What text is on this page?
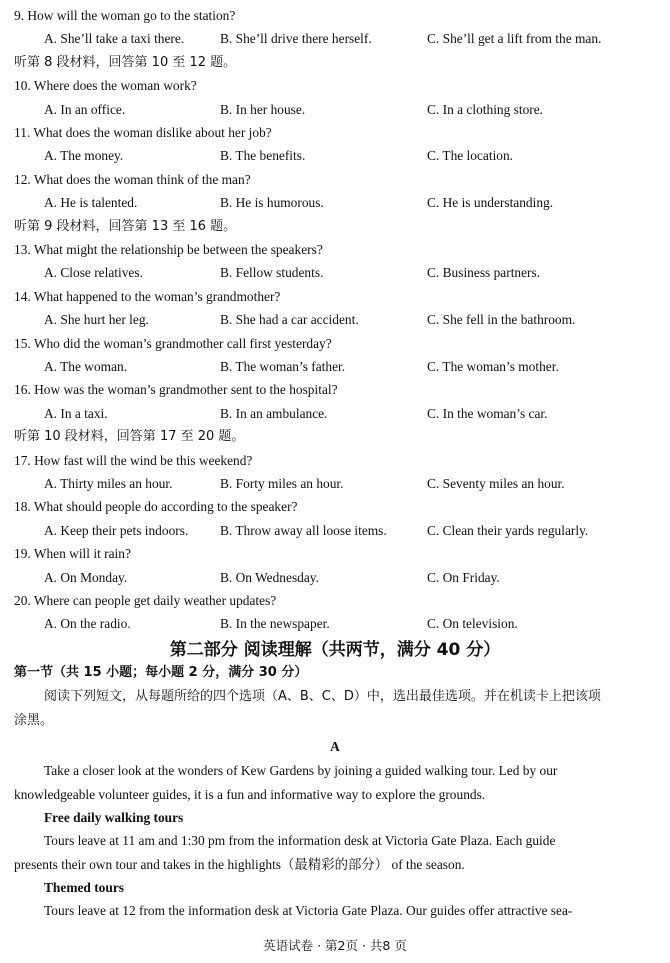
9. How will the woman go to the station?
A. She’ll take a taxi there.	B. She’ll drive there herself.	C. She’ll get a lift from the man.
听第 8 段材料，回答第 10 至 12 题。
10. Where does the woman work?
A. In an office.	B. In her house.	C. In a clothing store.
11. What does the woman dislike about her job?
A. The money.	B. The benefits.	C. The location.
12. What does the woman think of the man?
A. He is talented.	B. He is humorous.	C. He is understanding.
听第 9 段材料，回答第 13 至 16 题。
13. What might the relationship be between the speakers?
A. Close relatives.	B. Fellow students.	C. Business partners.
14. What happened to the woman’s grandmother?
A. She hurt her leg.	B. She had a car accident.	C. She fell in the bathroom.
15. Who did the woman’s grandmother call first yesterday?
A. The woman.	B. The woman’s father.	C. The woman’s mother.
16. How was the woman’s grandmother sent to the hospital?
A. In a taxi.	B. In an ambulance.	C. In the woman’s car.
听第 10 段材料，回答第 17 至 20 题。
17. How fast will the wind be this weekend?
A. Thirty miles an hour.	B. Forty miles an hour.	C. Seventy miles an hour.
18. What should people do according to the speaker?
A. Keep their pets indoors. B. Throw away all loose items.	C. Clean their yards regularly.
19. When will it rain?
A. On Monday.	B. On Wednesday.	C. On Friday.
20. Where can people get daily weather updates?
A. On the radio.	B. In the newspaper.	C. On television.
第二部分 阅读理解（共两节，满分 40 分）
第一节（共 15 小题；每小题 2 分，满分 30 分）
阅读下列短文，从每题所给的四个选项（A、B、C、D）中，选出最佳选项。并在机读卡上把该项
涂黑。
A
Take a closer look at the wonders of Kew Gardens by joining a guided walking tour. Led by our
knowledgeable volunteer guides, it is a fun and informative way to explore the grounds.
Free daily walking tours
Tours leave at 11 am and 1:30 pm from the information desk at Victoria Gate Plaza. Each guide
presents their own tour and takes in the highlights（最精彩的部分） of the season.
Themed tours
Tours leave at 12 from the information desk at Victoria Gate Plaza. Our guides offer attractive sea-
英语试卷 · 第2页 · 共8 页
